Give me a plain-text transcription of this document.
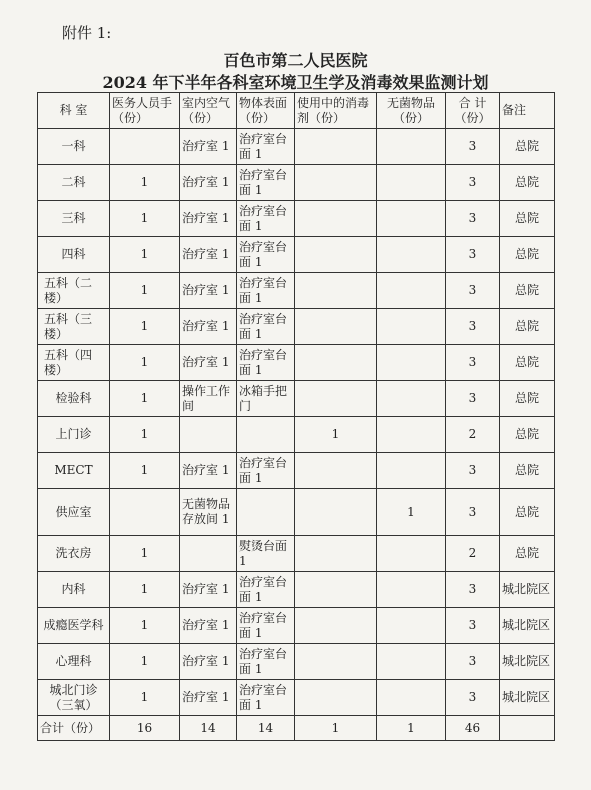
附件 1:
百色市第二人民医院
2024 年下半年各科室环境卫生学及消毒效果监测计划
科 室	医务人员手（份）	室内空气（份）	物体表面（份）	使用中的消毒剂（份）	无菌物品（份）	合 计（份）	备注
一科		治疗室 1	治疗室台面 1			3	总院
二科	1	治疗室 1	治疗室台面 1			3	总院
三科	1	治疗室 1	治疗室台面 1			3	总院
四科	1	治疗室 1	治疗室台面 1			3	总院
五科（二楼）	1	治疗室 1	治疗室台面 1			3	总院
五科（三楼）	1	治疗室 1	治疗室台面 1			3	总院
五科（四楼）	1	治疗室 1	治疗室台面 1			3	总院
检验科	1	操作工作间	冰箱手把门			3	总院
上门诊	1			1		2	总院
MECT	1	治疗室 1	治疗室台面 1			3	总院
供应室		无菌物品存放间 1			1	3	总院
洗衣房	1		熨烫台面 1			2	总院
内科	1	治疗室 1	治疗室台面 1			3	城北院区
成瘾医学科	1	治疗室 1	治疗室台面 1			3	城北院区
心理科	1	治疗室 1	治疗室台面 1			3	城北院区
城北门诊（三氧）	1	治疗室 1	治疗室台面 1			3	城北院区
合计（份）	16	14	14	1	1	46	
